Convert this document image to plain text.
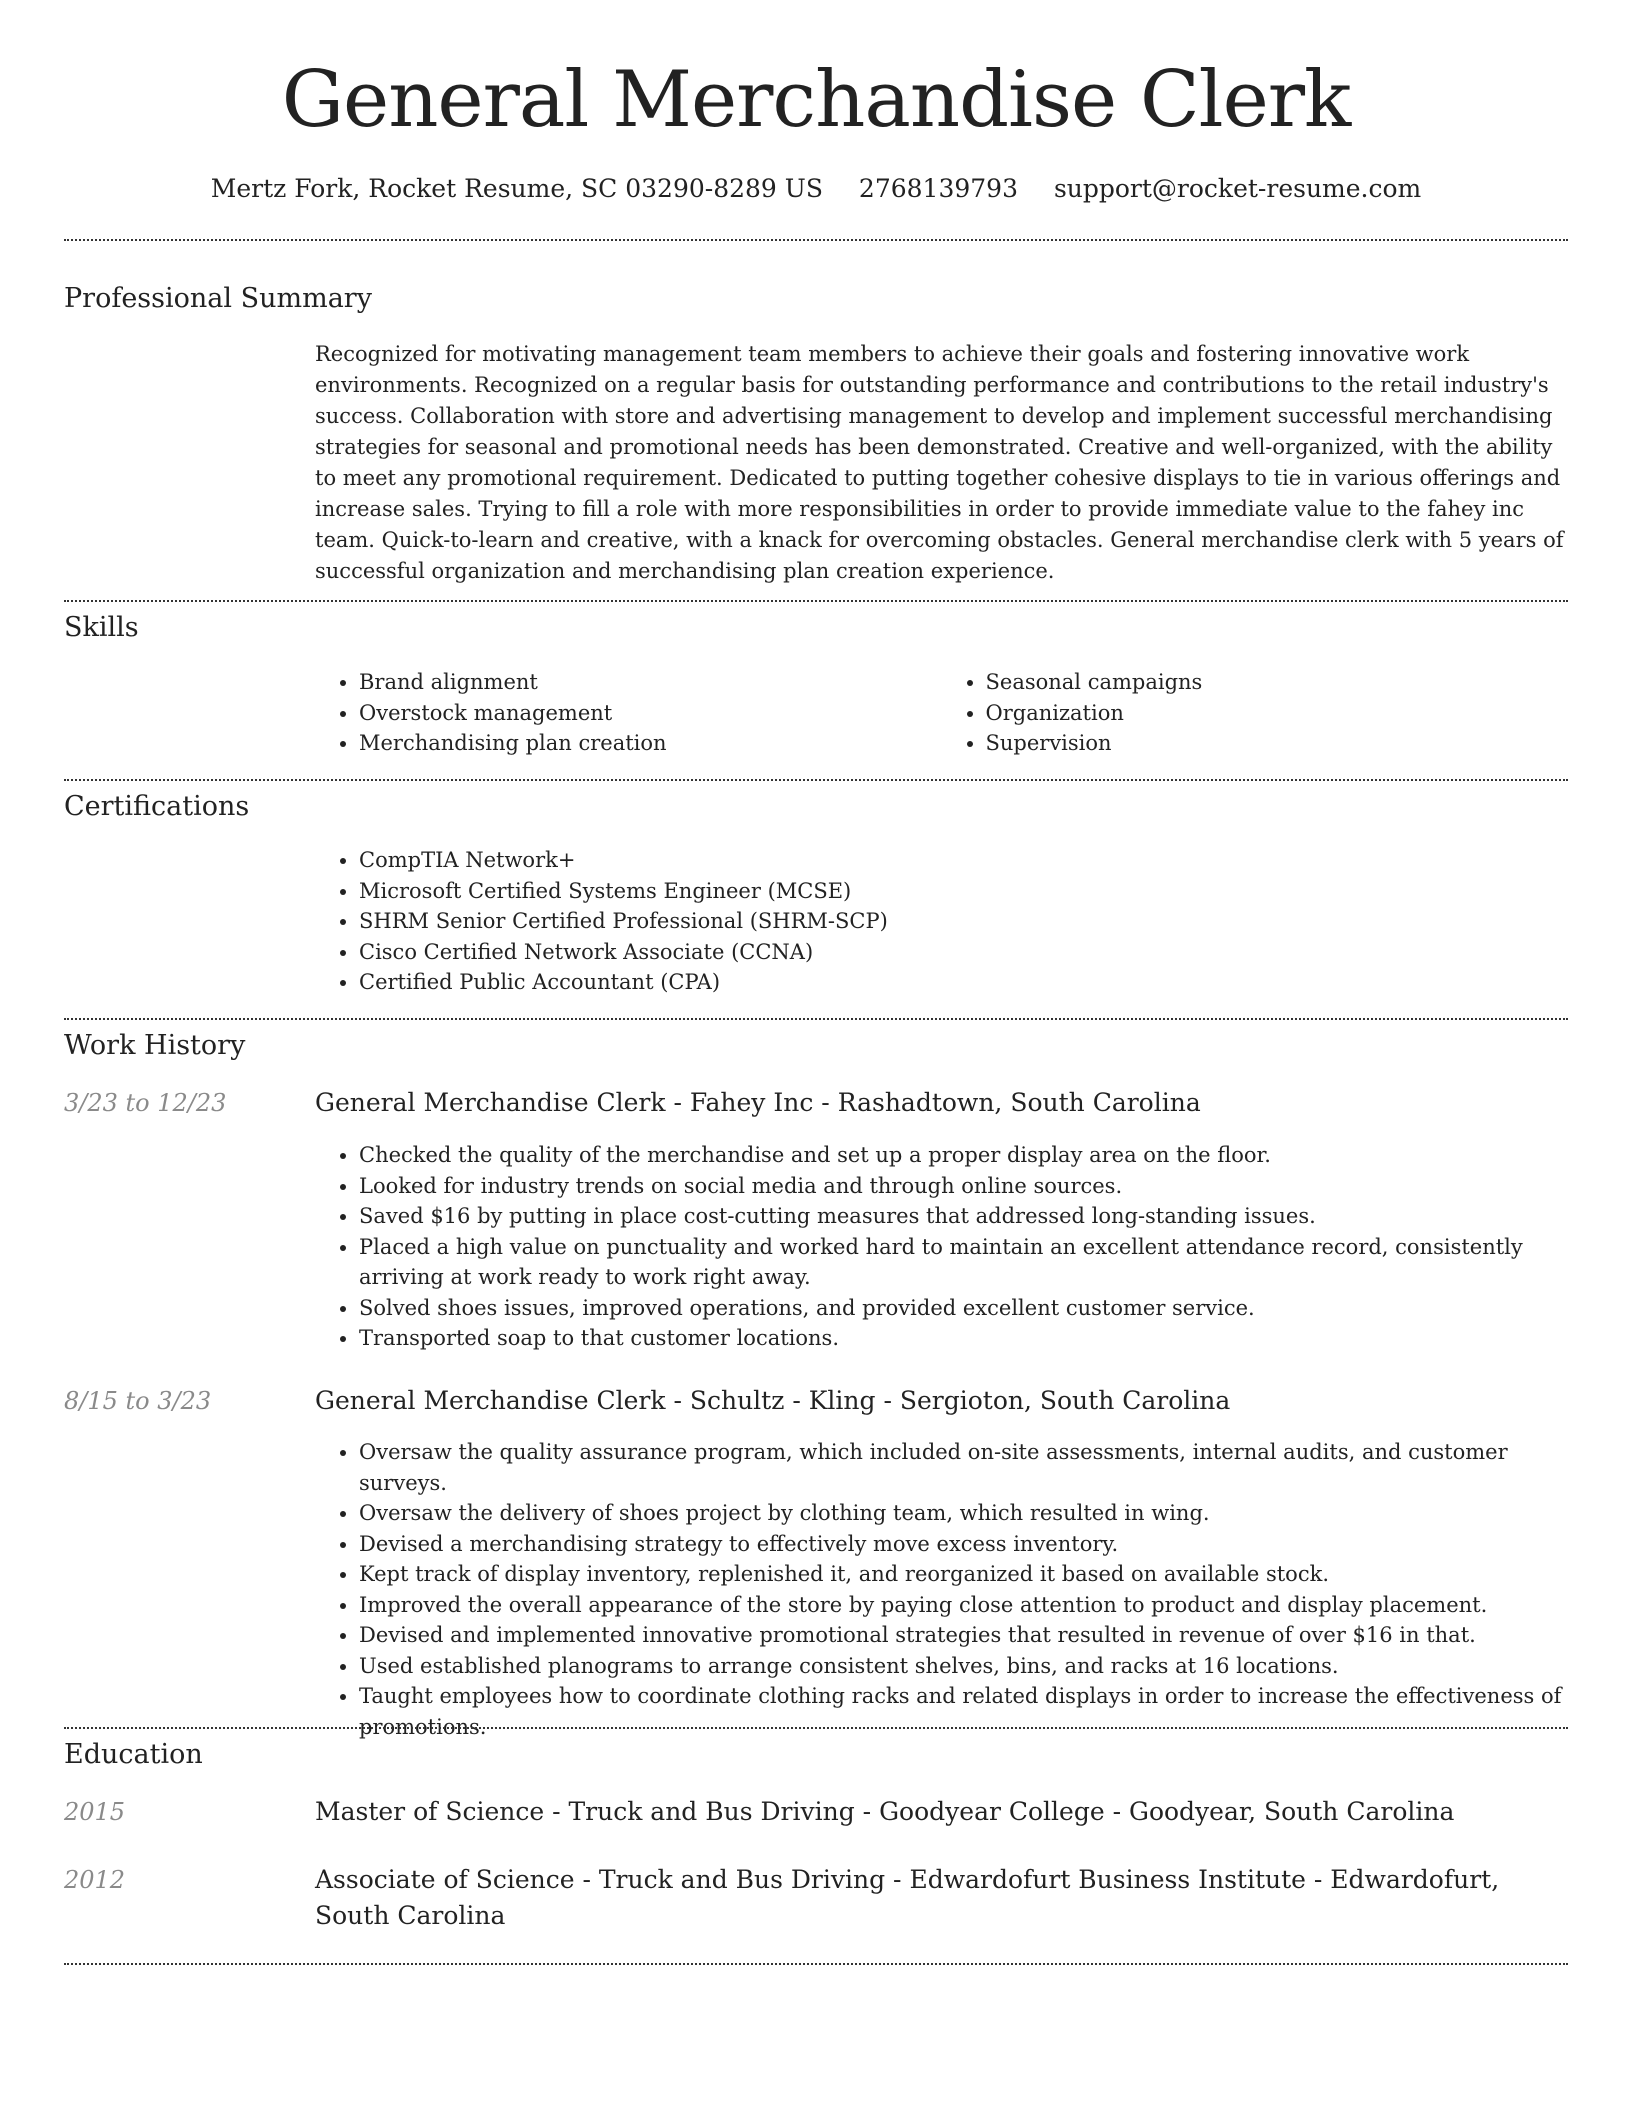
General Merchandise Clerk
Mertz Fork, Rocket Resume, SC 03290-8289 US 2768139793 support@rocket-resume.com
Professional Summary
Recognized for motivating management team members to achieve their goals and fostering innovative work environments. Recognized on a regular basis for outstanding performance and contributions to the retail industry's success. Collaboration with store and advertising management to develop and implement successful merchandising strategies for seasonal and promotional needs has been demonstrated. Creative and well-organized, with the ability to meet any promotional requirement. Dedicated to putting together cohesive displays to tie in various offerings and increase sales. Trying to fill a role with more responsibilities in order to provide immediate value to the fahey inc team. Quick-to-learn and creative, with a knack for overcoming obstacles. General merchandise clerk with 5 years of successful organization and merchandising plan creation experience.
Skills
• Brand alignment
• Overstock management
• Merchandising plan creation
• Seasonal campaigns
• Organization
• Supervision
Certifications
• CompTIA Network+
• Microsoft Certified Systems Engineer (MCSE)
• SHRM Senior Certified Professional (SHRM-SCP)
• Cisco Certified Network Associate (CCNA)
• Certified Public Accountant (CPA)
Work History
3/23 to 12/23	General Merchandise Clerk - Fahey Inc - Rashadtown, South Carolina
• Checked the quality of the merchandise and set up a proper display area on the floor.
• Looked for industry trends on social media and through online sources.
• Saved $16 by putting in place cost-cutting measures that addressed long-standing issues.
• Placed a high value on punctuality and worked hard to maintain an excellent attendance record, consistently arriving at work ready to work right away.
• Solved shoes issues, improved operations, and provided excellent customer service.
• Transported soap to that customer locations.
8/15 to 3/23	General Merchandise Clerk - Schultz - Kling - Sergioton, South Carolina
• Oversaw the quality assurance program, which included on-site assessments, internal audits, and customer surveys.
• Oversaw the delivery of shoes project by clothing team, which resulted in wing.
• Devised a merchandising strategy to effectively move excess inventory.
• Kept track of display inventory, replenished it, and reorganized it based on available stock.
• Improved the overall appearance of the store by paying close attention to product and display placement.
• Devised and implemented innovative promotional strategies that resulted in revenue of over $16 in that.
• Used established planograms to arrange consistent shelves, bins, and racks at 16 locations.
• Taught employees how to coordinate clothing racks and related displays in order to increase the effectiveness of promotions.
Education
2015	Master of Science - Truck and Bus Driving - Goodyear College - Goodyear, South Carolina
2012	Associate of Science - Truck and Bus Driving - Edwardofurt Business Institute - Edwardofurt, South Carolina
